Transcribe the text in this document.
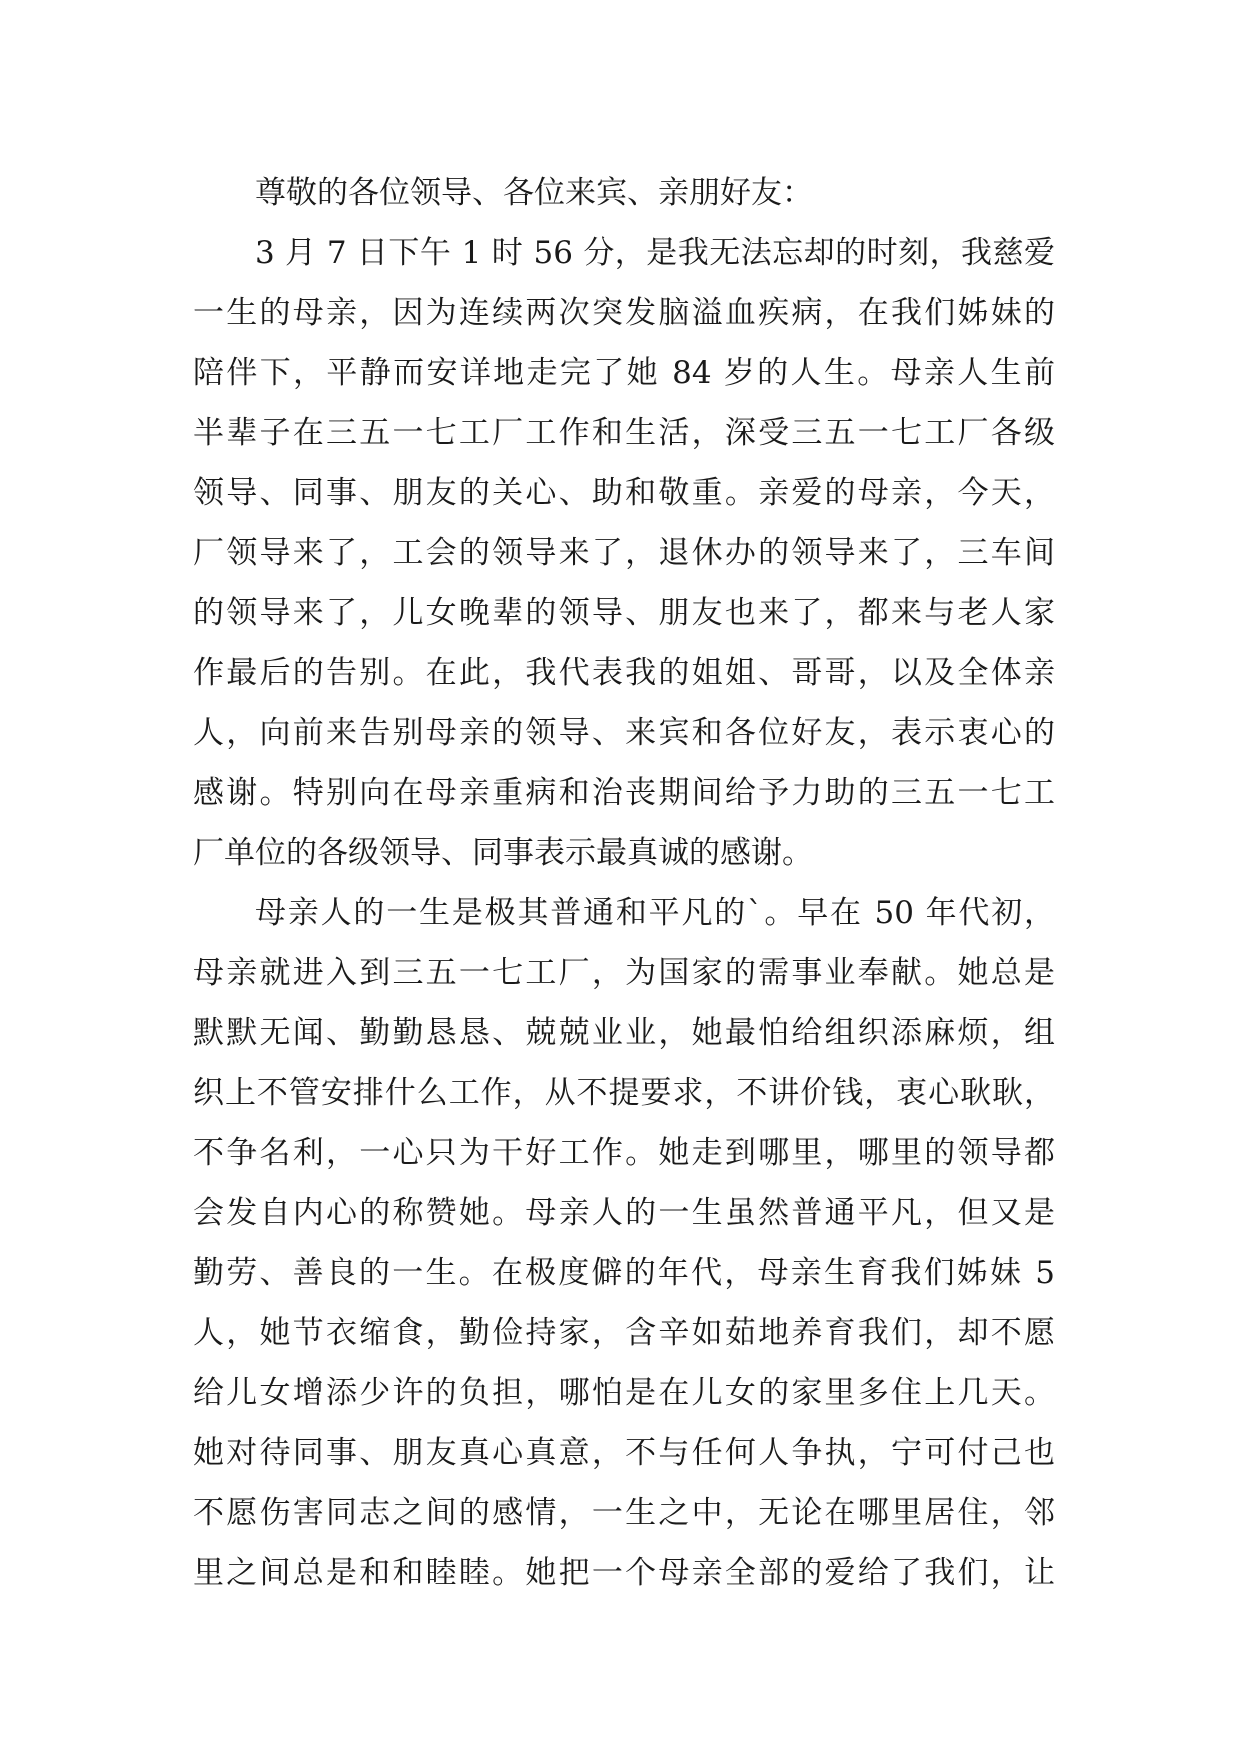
尊敬的各位领导、各位来宾、亲朋好友：
3 月 7 日下午 1 时 56 分，是我无法忘却的时刻，我慈爱
一生的母亲，因为连续两次突发脑溢血疾病，在我们姊妹的
陪伴下，平静而安详地走完了她 84 岁的人生。母亲人生前
半辈子在三五一七工厂工作和生活，深受三五一七工厂各级
领导、同事、朋友的关心、助和敬重。亲爱的母亲，今天，
厂领导来了，工会的领导来了，退休办的领导来了，三车间
的领导来了，儿女晚辈的领导、朋友也来了，都来与老人家
作最后的告别。在此，我代表我的姐姐、哥哥，以及全体亲
人，向前来告别母亲的领导、来宾和各位好友，表示衷心的
感谢。特别向在母亲重病和治丧期间给予力助的三五一七工
厂单位的各级领导、同事表示最真诚的感谢。
母亲人的一生是极其普通和平凡的`。早在 50 年代初，
母亲就进入到三五一七工厂，为国家的需事业奉献。她总是
默默无闻、勤勤恳恳、兢兢业业，她最怕给组织添麻烦，组
织上不管安排什么工作，从不提要求，不讲价钱，衷心耿耿，
不争名利，一心只为干好工作。她走到哪里，哪里的领导都
会发自内心的称赞她。母亲人的一生虽然普通平凡，但又是
勤劳、善良的一生。在极度僻的年代，母亲生育我们姊妹 5
人，她节衣缩食，勤俭持家，含辛如茹地养育我们，却不愿
给儿女增添少许的负担，哪怕是在儿女的家里多住上几天。
她对待同事、朋友真心真意，不与任何人争执，宁可付己也
不愿伤害同志之间的感情，一生之中，无论在哪里居住，邻
里之间总是和和睦睦。她把一个母亲全部的爱给了我们，让
